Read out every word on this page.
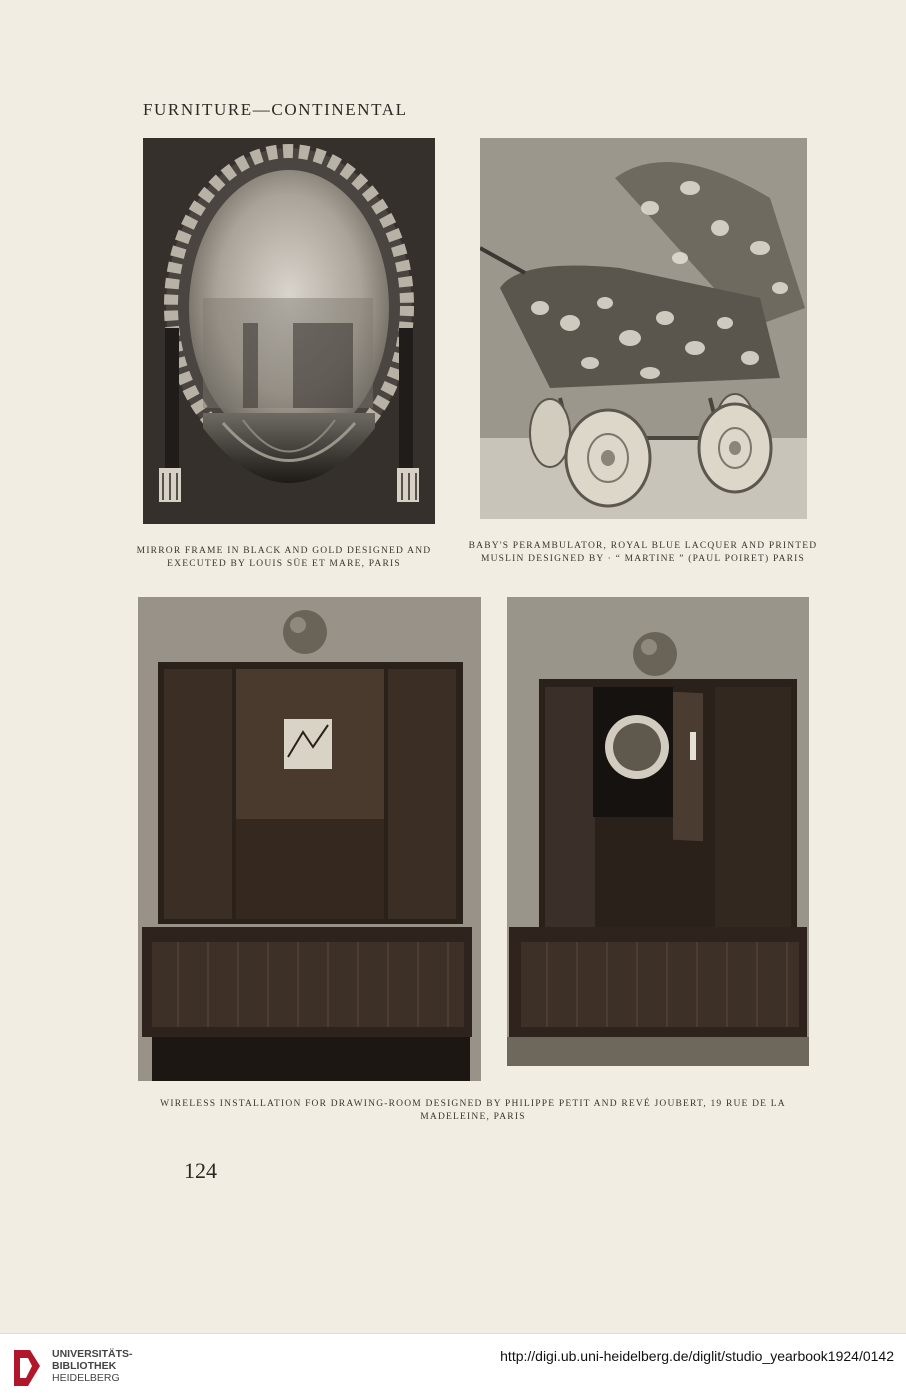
FURNITURE—CONTINENTAL
MIRROR FRAME IN BLACK AND GOLD DESIGNED AND
EXECUTED BY LOUIS SÜE ET MARE, PARIS
BABY'S PERAMBULATOR, ROYAL BLUE LACQUER AND PRINTED
MUSLIN DESIGNED BY · “ MARTINE ” (PAUL POIRET) PARIS
WIRELESS INSTALLATION FOR DRAWING-ROOM DESIGNED BY PHILIPPE PETIT AND REVÉ JOUBERT, 19 RUE DE LA
MADELEINE, PARIS
124
UNIVERSITÄTS-
BIBLIOTHEK
HEIDELBERG
http://digi.ub.uni-heidelberg.de/diglit/studio_yearbook1924/0142
